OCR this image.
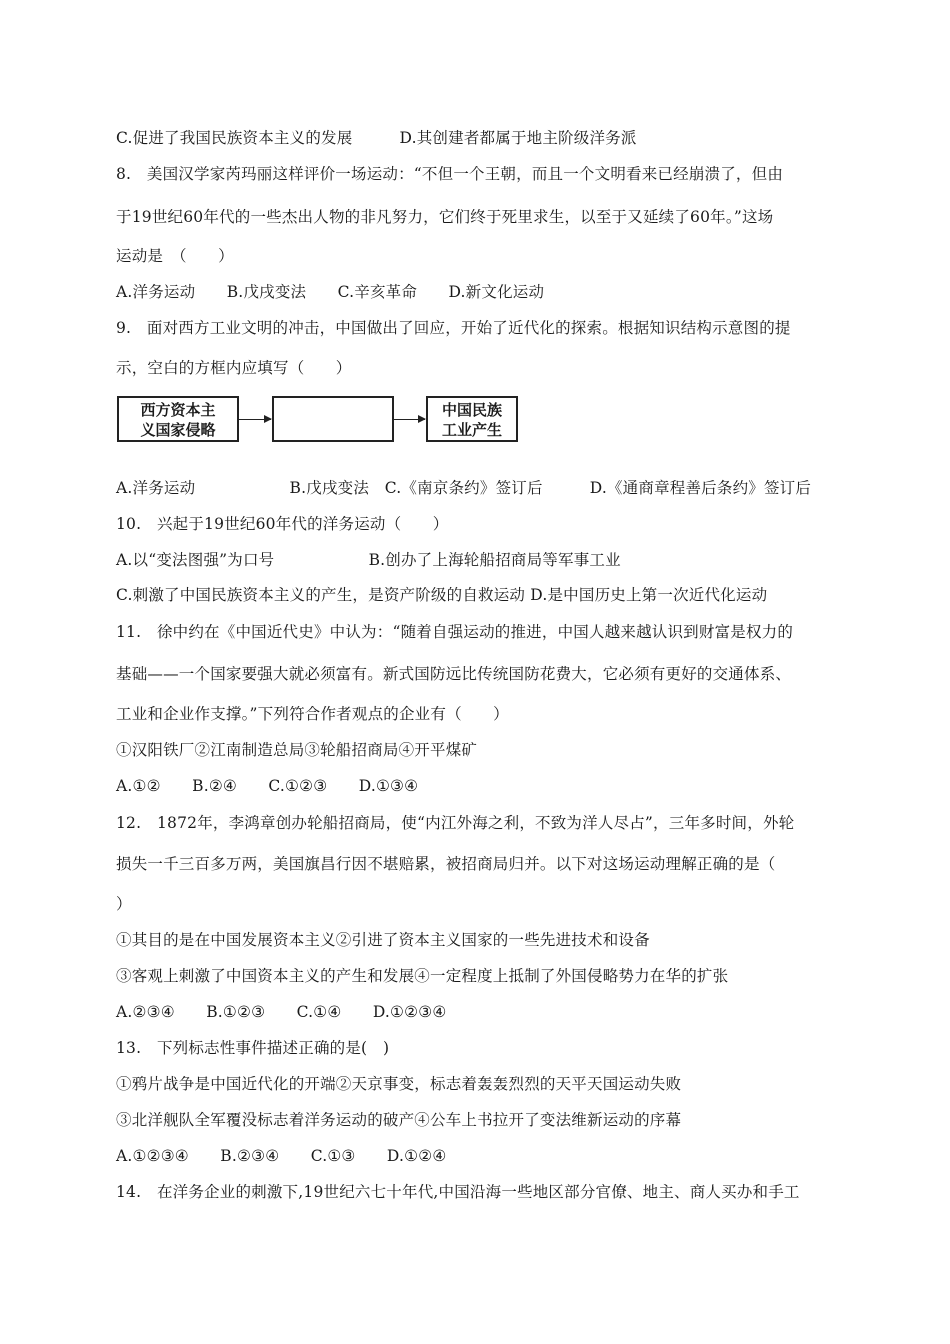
C.促进了我国民族资本主义的发展　　　D.其创建者都属于地主阶级洋务派
8.　美国汉学家芮玛丽这样评价一场运动：“不但一个王朝，而且一个文明看来已经崩溃了，但由
于19世纪60年代的一些杰出人物的非凡努力，它们终于死里求生，以至于又延续了60年。”这场
运动是　（　　）
A.洋务运动　　B.戊戌变法　　C.辛亥革命　　D.新文化运动
9.　面对西方工业文明的冲击，中国做出了回应，开始了近代化的探索。根据知识结构示意图的提
示，空白的方框内应填写（　　）
西方资本主
义国家侵略
中国民族
工业产生
A.洋务运动　　　　　　B.戊戌变法　C.《南京条约》签订后　　　D.《通商章程善后条约》签订后
10.　兴起于19世纪60年代的洋务运动（　　）
A.以“变法图强”为口号　　　　　　B.创办了上海轮船招商局等军事工业
C.刺激了中国民族资本主义的产生，是资产阶级的自救运动 D.是中国历史上第一次近代化运动
11.　徐中约在《中国近代史》中认为：“随着自强运动的推进，中国人越来越认识到财富是权力的
基础——一个国家要强大就必须富有。新式国防远比传统国防花费大，它必须有更好的交通体系、
工业和企业作支撑。”下列符合作者观点的企业有（　　）
①汉阳铁厂②江南制造总局③轮船招商局④开平煤矿
A.①②　　B.②④　　C.①②③　　D.①③④
12.　1872年，李鸿章创办轮船招商局，使“内江外海之利，不致为洋人尽占”，三年多时间，外轮
损失一千三百多万两，美国旗昌行因不堪赔累，被招商局归并。以下对这场运动理解正确的是（
）
①其目的是在中国发展资本主义②引进了资本主义国家的一些先进技术和设备
③客观上刺激了中国资本主义的产生和发展④一定程度上抵制了外国侵略势力在华的扩张
A.②③④　　B.①②③　　C.①④　　D.①②③④
13.　下列标志性事件描述正确的是(　)
①鸦片战争是中国近代化的开端②天京事变，标志着轰轰烈烈的天平天国运动失败
③北洋舰队全军覆没标志着洋务运动的破产④公车上书拉开了变法维新运动的序幕
A.①②③④　　B.②③④　　C.①③　　D.①②④
14.　在洋务企业的刺激下,19世纪六七十年代,中国沿海一些地区部分官僚、地主、商人买办和手工
